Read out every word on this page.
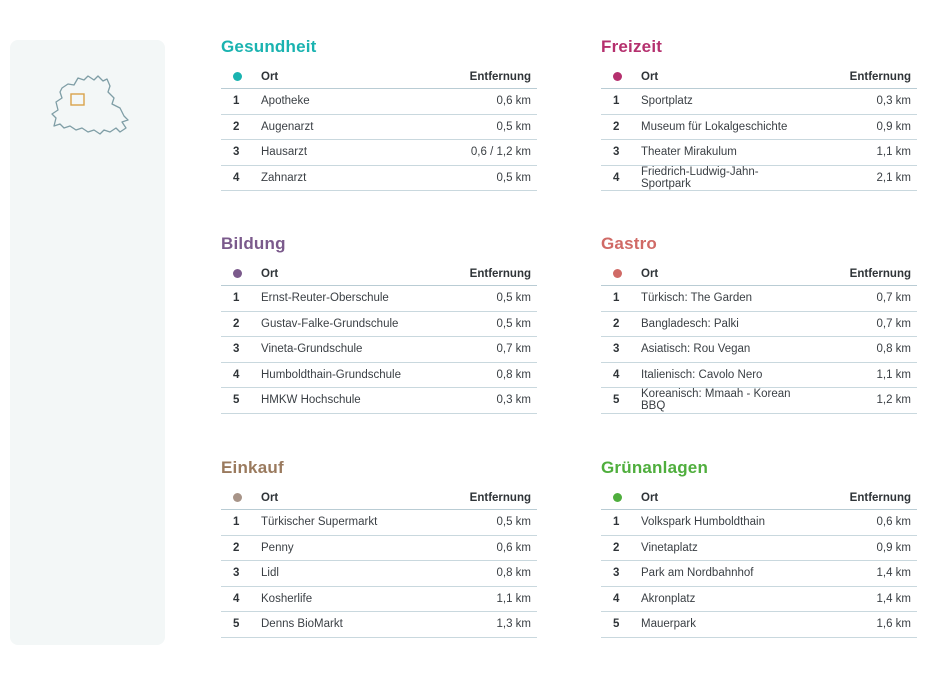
Gesundheit
Ort	Entfernung
1	Apotheke	0,6 km
2	Augenarzt	0,5 km
3	Hausarzt	0,6 / 1,2 km
4	Zahnarzt	0,5 km
Freizeit
Ort	Entfernung
1	Sportplatz	0,3 km
2	Museum für Lokalgeschichte	0,9 km
3	Theater Mirakulum	1,1 km
4	Friedrich-Ludwig-Jahn-Sportpark	2,1 km
Bildung
Ort	Entfernung
1	Ernst-Reuter-Oberschule	0,5 km
2	Gustav-Falke-Grundschule	0,5 km
3	Vineta-Grundschule	0,7 km
4	Humboldthain-Grundschule	0,8 km
5	HMKW Hochschule	0,3 km
Gastro
Ort	Entfernung
1	Türkisch: The Garden	0,7 km
2	Bangladesch: Palki	0,7 km
3	Asiatisch: Rou Vegan	0,8 km
4	Italienisch: Cavolo Nero	1,1 km
5	Koreanisch: Mmaah - Korean BBQ	1,2 km
Einkauf
Ort	Entfernung
1	Türkischer Supermarkt	0,5 km
2	Penny	0,6 km
3	Lidl	0,8 km
4	Kosherlife	1,1 km
5	Denns BioMarkt	1,3 km
Grünanlagen
Ort	Entfernung
1	Volkspark Humboldthain	0,6 km
2	Vinetaplatz	0,9 km
3	Park am Nordbahnhof	1,4 km
4	Akronplatz	1,4 km
5	Mauerpark	1,6 km
